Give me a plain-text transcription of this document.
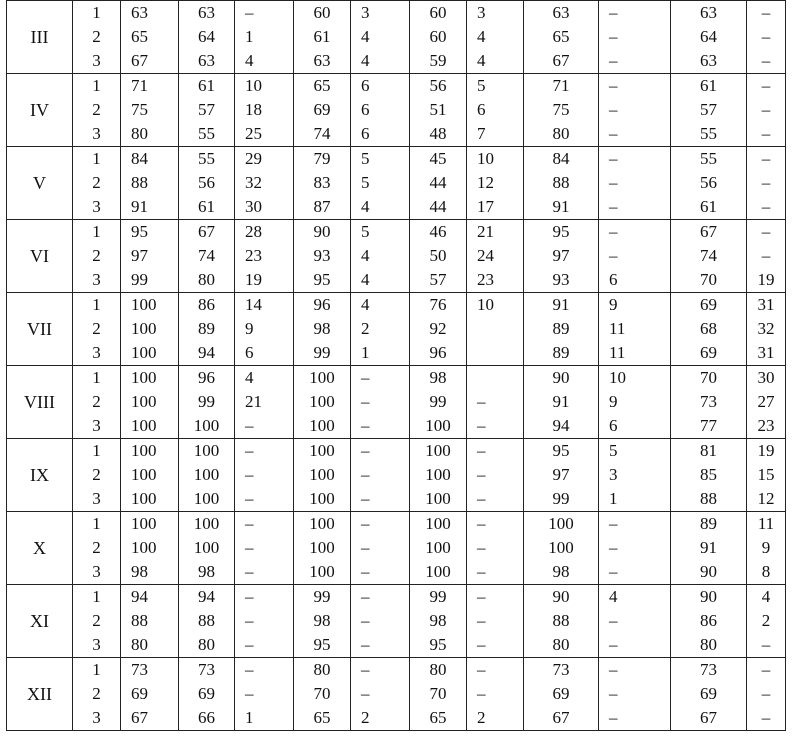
III	1	63	63	–	60	3	60	3	63	–	63	–
	2	65	64	1	61	4	60	4	65	–	64	–
	3	67	63	4	63	4	59	4	67	–	63	–
IV	1	71	61	10	65	6	56	5	71	–	61	–
	2	75	57	18	69	6	51	6	75	–	57	–
	3	80	55	25	74	6	48	7	80	–	55	–
V	1	84	55	29	79	5	45	10	84	–	55	–
	2	88	56	32	83	5	44	12	88	–	56	–
	3	91	61	30	87	4	44	17	91	–	61	–
VI	1	95	67	28	90	5	46	21	95	–	67	–
	2	97	74	23	93	4	50	24	97	–	74	–
	3	99	80	19	95	4	57	23	93	6	70	19
VII	1	100	86	14	96	4	76	10	91	9	69	31
	2	100	89	9	98	2	92		89	11	68	32
	3	100	94	6	99	1	96		89	11	69	31
VIII	1	100	96	4	100	–	98		90	10	70	30
	2	100	99	21	100	–	99	–	91	9	73	27
	3	100	100	–	100	–	100	–	94	6	77	23
IX	1	100	100	–	100	–	100	–	95	5	81	19
	2	100	100	–	100	–	100	–	97	3	85	15
	3	100	100	–	100	–	100	–	99	1	88	12
X	1	100	100	–	100	–	100	–	100	–	89	11
	2	100	100	–	100	–	100	–	100	–	91	9
	3	98	98	–	100	–	100	–	98	–	90	8
XI	1	94	94	–	99	–	99	–	90	4	90	4
	2	88	88	–	98	–	98	–	88	–	86	2
	3	80	80	–	95	–	95	–	80	–	80	–
XII	1	73	73	–	80	–	80	–	73	–	73	–
	2	69	69	–	70	–	70	–	69	–	69	–
	3	67	66	1	65	2	65	2	67	–	67	–
